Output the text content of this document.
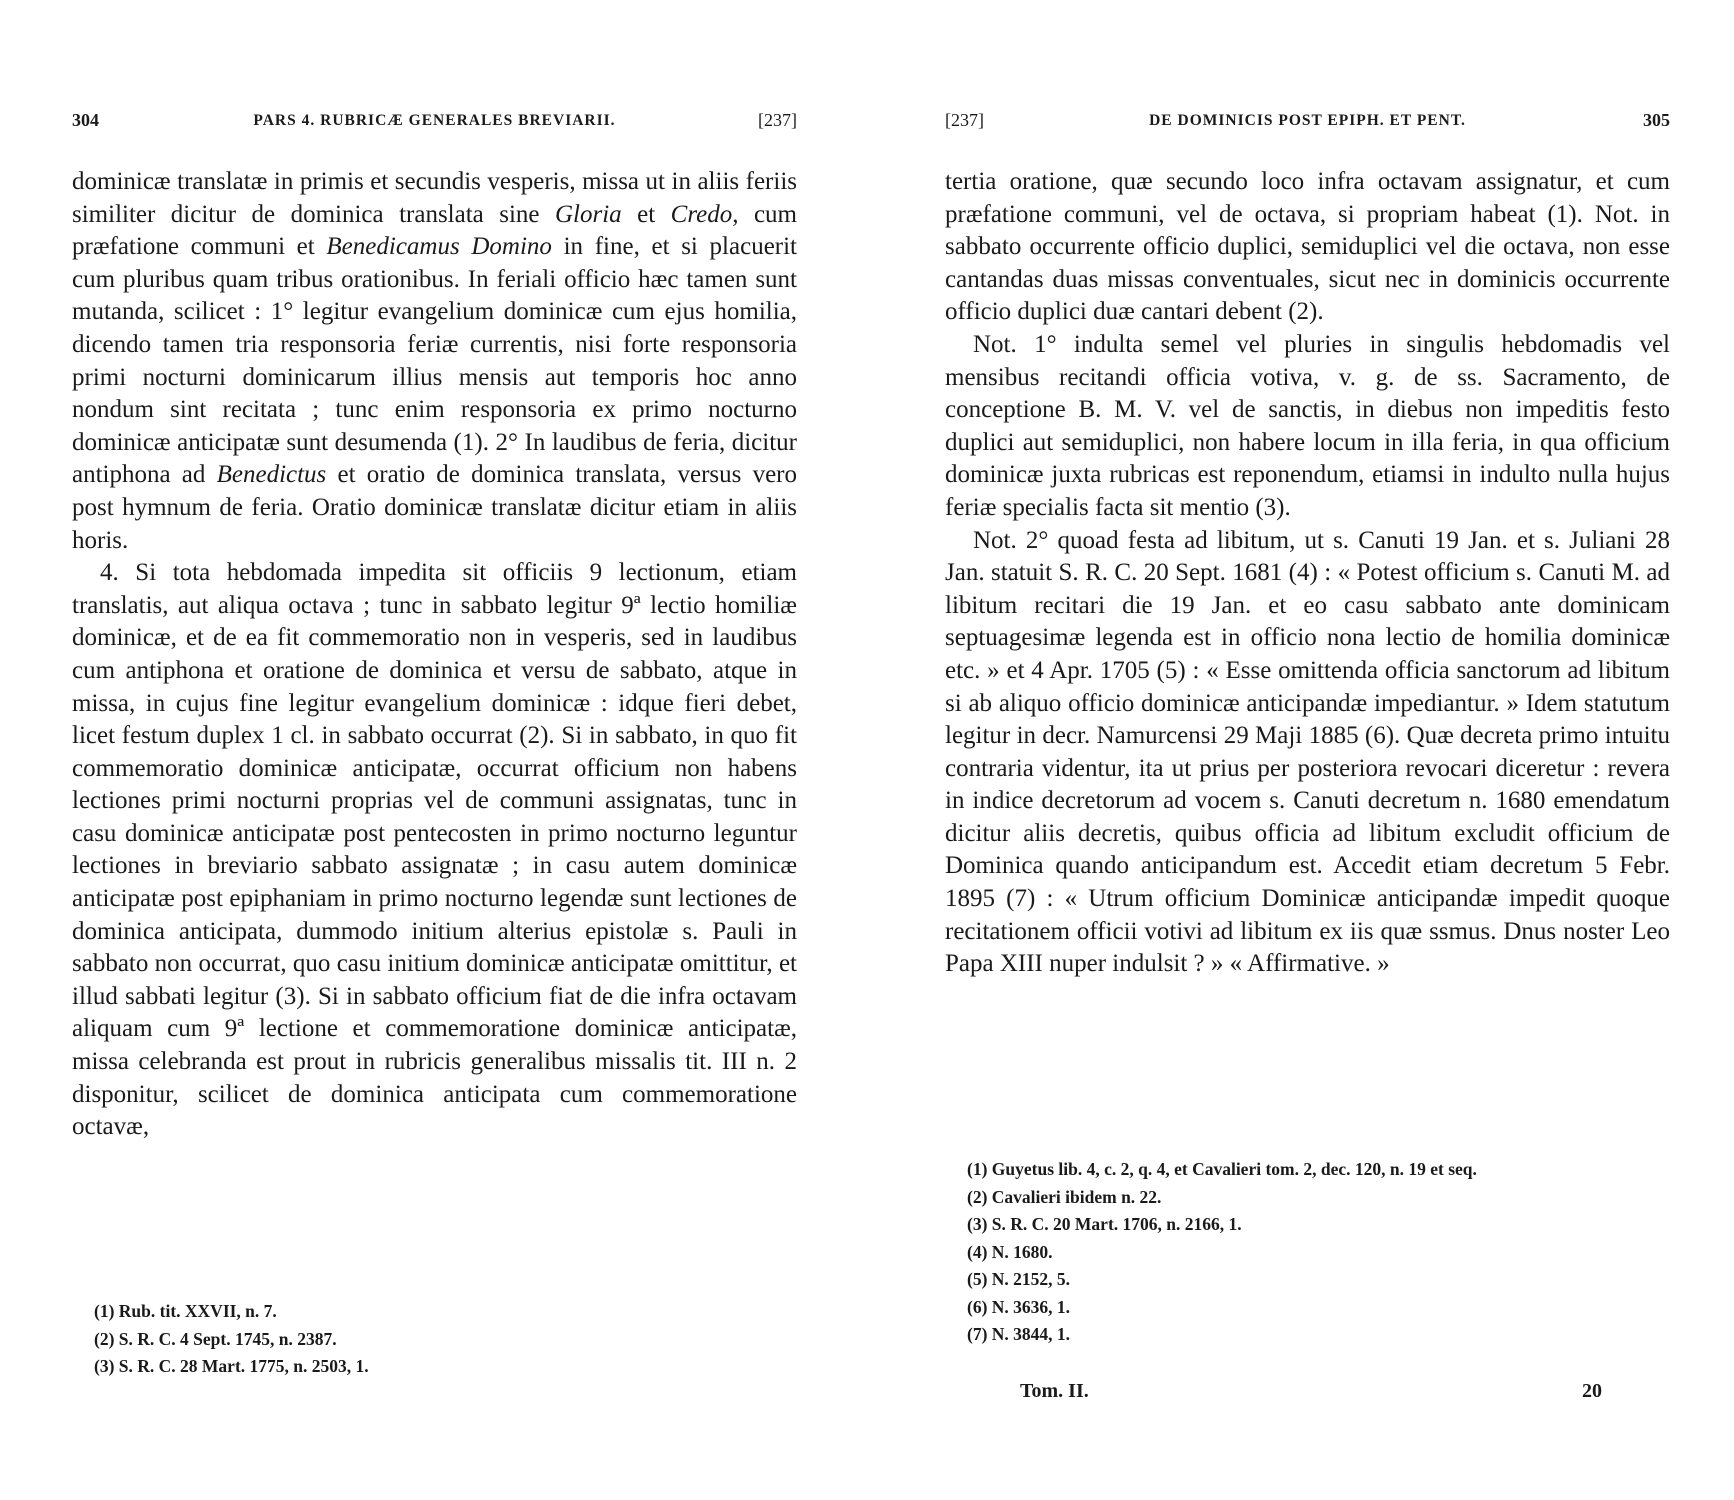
304	PARS 4. RUBRICÆ GENERALES BREVIARII.	[237]

dominicæ translatæ in primis et secundis vesperis, missa ut in aliis feriis similiter dicitur de dominica translata sine Gloria et Credo, cum præfatione communi et Benedicamus Domino in fine, et si placuerit cum pluribus quam tribus orationibus. In feriali officio hæc tamen sunt mutanda, scilicet : 1° legitur evangelium dominicæ cum ejus homilia, dicendo tamen tria responsoria feriæ currentis, nisi forte responsoria primi nocturni dominicarum illius mensis aut temporis hoc anno nondum sint recitata ; tunc enim responsoria ex primo nocturno dominicæ anticipatæ sunt desumenda (1). 2° In laudibus de feria, dicitur antiphona ad Benedictus et oratio de dominica translata, versus vero post hymnum de feria. Oratio dominicæ translatæ dicitur etiam in aliis horis.

4. Si tota hebdomada impedita sit officiis 9 lectionum, etiam translatis, aut aliqua octava ; tunc in sabbato legitur 9ª lectio homiliæ dominicæ, et de ea fit commemoratio non in vesperis, sed in laudibus cum antiphona et oratione de dominica et versu de sabbato, atque in missa, in cujus fine legitur evangelium dominicæ : idque fieri debet, licet festum duplex 1 cl. in sabbato occurrat (2). Si in sabbato, in quo fit commemoratio dominicæ anticipatæ, occurrat officium non habens lectiones primi nocturni proprias vel de communi assignatas, tunc in casu dominicæ anticipatæ post pentecosten in primo nocturno leguntur lectiones in breviario sabbato assignatæ ; in casu autem dominicæ anticipatæ post epiphaniam in primo nocturno legendæ sunt lectiones de dominica anticipata, dummodo initium alterius epistolæ s. Pauli in sabbato non occurrat, quo casu initium dominicæ anticipatæ omittitur, et illud sabbati legitur (3). Si in sabbato officium fiat de die infra octavam aliquam cum 9ª lectione et commemoratione dominicæ anticipatæ, missa celebranda est prout in rubricis generalibus missalis tit. III n. 2 disponitur, scilicet de dominica anticipata cum commemoratione octavæ,

(1) Rub. tit. XXVII, n. 7.
(2) S. R. C. 4 Sept. 1745, n. 2387.
(3) S. R. C. 28 Mart. 1775, n. 2503, 1.
[237]	DE DOMINICIS POST EPIPH. ET PENT.	305

tertia oratione, quæ secundo loco infra octavam assignatur, et cum præfatione communi, vel de octava, si propriam habeat (1). Not. in sabbato occurrente officio duplici, semiduplici vel die octava, non esse cantandas duas missas conventuales, sicut nec in dominicis occurrente officio duplici duæ cantari debent (2).

Not. 1° indulta semel vel pluries in singulis hebdomadis vel mensibus recitandi officia votiva, v. g. de ss. Sacramento, de conceptione B. M. V. vel de sanctis, in diebus non impeditis festo duplici aut semiduplici, non habere locum in illa feria, in qua officium dominicæ juxta rubricas est reponendum, etiamsi in indulto nulla hujus feriæ specialis facta sit mentio (3).

Not. 2° quoad festa ad libitum, ut s. Canuti 19 Jan. et s. Juliani 28 Jan. statuit S. R. C. 20 Sept. 1681 (4) : « Potest officium s. Canuti M. ad libitum recitari die 19 Jan. et eo casu sabbato ante dominicam septuagesimæ legenda est in officio nona lectio de homilia dominicæ etc. » et 4 Apr. 1705 (5) : « Esse omittenda officia sanctorum ad libitum si ab aliquo officio dominicæ anticipandæ impediantur. » Idem statutum legitur in decr. Namurcensi 29 Maji 1885 (6). Quæ decreta primo intuitu contraria videntur, ita ut prius per posteriora revocari diceretur : revera in indice decretorum ad vocem s. Canuti decretum n. 1680 emendatum dicitur aliis decretis, quibus officia ad libitum excludit officium de Dominica quando anticipandum est. Accedit etiam decretum 5 Febr. 1895 (7) : « Utrum officium Dominicæ anticipandæ impedit quoque recitationem officii votivi ad libitum ex iis quæ ssmus. Dnus noster Leo Papa XIII nuper indulsit ? » « Affirmative. »

(1) Guyetus lib. 4, c. 2, q. 4, et Cavalieri tom. 2, dec. 120, n. 19 et seq.
(2) Cavalieri ibidem n. 22.
(3) S. R. C. 20 Mart. 1706, n. 2166, 1.
(4) N. 1680.
(5) N. 2152, 5.
(6) N. 3636, 1.
(7) N. 3844, 1.
Tom. II.	20
